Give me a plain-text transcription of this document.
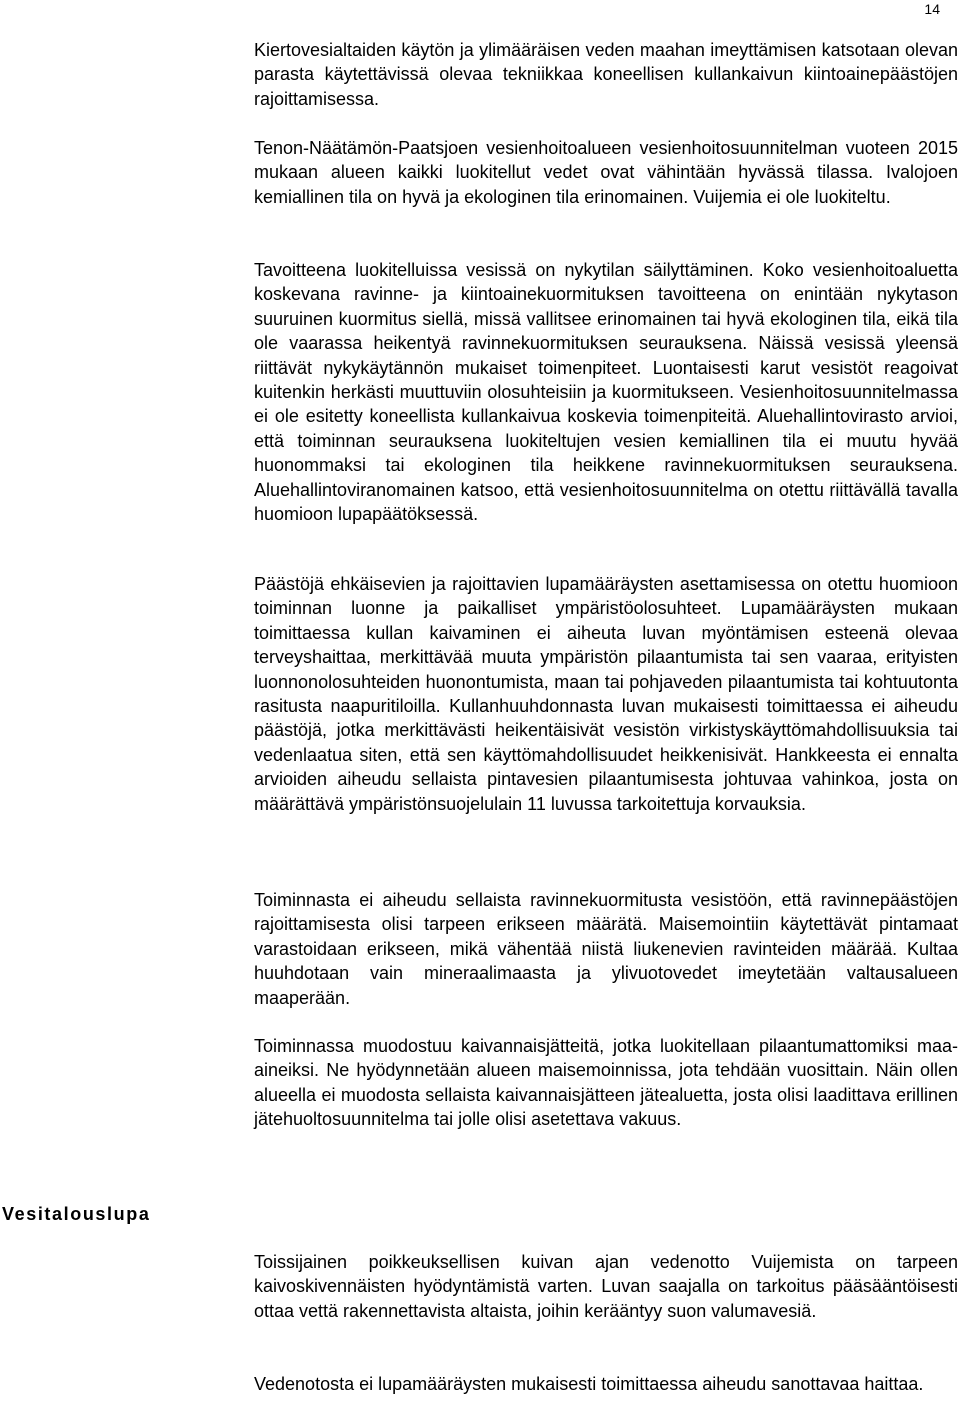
14

Kiertovesialtaiden käytön ja ylimääräisen veden maahan imeyttämisen katsotaan olevan parasta käytettävissä olevaa tekniikkaa koneellisen kullankaivun kiintoainepäästöjen rajoittamisessa.

Tenon-Näätämön-Paatsjoen vesienhoitoalueen vesienhoitosuunnitelman vuoteen 2015 mukaan alueen kaikki luokitellut vedet ovat vähintään hyvässä tilassa. Ivalojoen kemiallinen tila on hyvä ja ekologinen tila erinomainen. Vuijemia ei ole luokiteltu.

Tavoitteena luokitelluissa vesissä on nykytilan säilyttäminen. Koko vesienhoitoaluetta koskevana ravinne- ja kiintoainekuormituksen tavoitteena on enintään nykytason suuruinen kuormitus siellä, missä vallitsee erinomainen tai hyvä ekologinen tila, eikä tila ole vaarassa heikentyä ravinnekuormituksen seurauksena. Näissä vesissä yleensä riittävät nykykäytännön mukaiset toimenpiteet. Luontaisesti karut vesistöt reagoivat kuitenkin herkästi muuttuviin olosuhteisiin ja kuormitukseen. Vesienhoitosuunnitelmassa ei ole esitetty koneellista kullankaivua koskevia toimenpiteitä. Aluehallintovirasto arvioi, että toiminnan seurauksena luokiteltujen vesien kemiallinen tila ei muutu hyvää huonommaksi tai ekologinen tila heikkene ravinnekuormituksen seurauksena. Aluehallintoviranomainen katsoo, että vesienhoitosuunnitelma on otettu riittävällä tavalla huomioon lupapäätöksessä.

Päästöjä ehkäisevien ja rajoittavien lupamääräysten asettamisessa on otettu huomioon toiminnan luonne ja paikalliset ympäristöolosuhteet. Lupamääräysten mukaan toimittaessa kullan kaivaminen ei aiheuta luvan myöntämisen esteenä olevaa terveyshaittaa, merkittävää muuta ympäristön pilaantumista tai sen vaaraa, erityisten luonnonolosuhteiden huonontumista, maan tai pohjaveden pilaantumista tai kohtuutonta rasitusta naapuritiloilla. Kullanhuuhdonnasta luvan mukaisesti toimittaessa ei aiheudu päästöjä, jotka merkittävästi heikentäisivät vesistön virkistyskäyttömahdollisuuksia tai vedenlaatua siten, että sen käyttömahdollisuudet heikkenisivät. Hankkeesta ei ennalta arvioiden aiheudu sellaista pintavesien pilaantumisesta johtuvaa vahinkoa, josta on määrättävä ympäristönsuojelulain 11 luvussa tarkoitettuja korvauksia.

Toiminnasta ei aiheudu sellaista ravinnekuormitusta vesistöön, että ravinnepäästöjen rajoittamisesta olisi tarpeen erikseen määrätä. Maisemointiin käytettävät pintamaat varastoidaan erikseen, mikä vähentää niistä liukenevien ravinteiden määrää. Kultaa huuhdotaan vain mineraalimaasta ja ylivuotovedet imeytetään valtausalueen maaperään.

Toiminnassa muodostuu kaivannaisjätteitä, jotka luokitellaan pilaantumattomiksi maa-aineiksi. Ne hyödynnetään alueen maisemoinnissa, jota tehdään vuosittain. Näin ollen alueella ei muodosta sellaista kaivannaisjätteen jätealuetta, josta olisi laadittava erillinen jätehuoltosuunnitelma tai jolle olisi asetettava vakuus.

Vesitalouslupa

Toissijainen poikkeuksellisen kuivan ajan vedenotto Vuijemista on tarpeen kaivoskivennäisten hyödyntämistä varten. Luvan saajalla on tarkoitus pääsääntöisesti ottaa vettä rakennettavista altaista, joihin kerääntyy suon valumavesiä.

Vedenotosta ei lupamääräysten mukaisesti toimittaessa aiheudu sanottavaa haittaa.
